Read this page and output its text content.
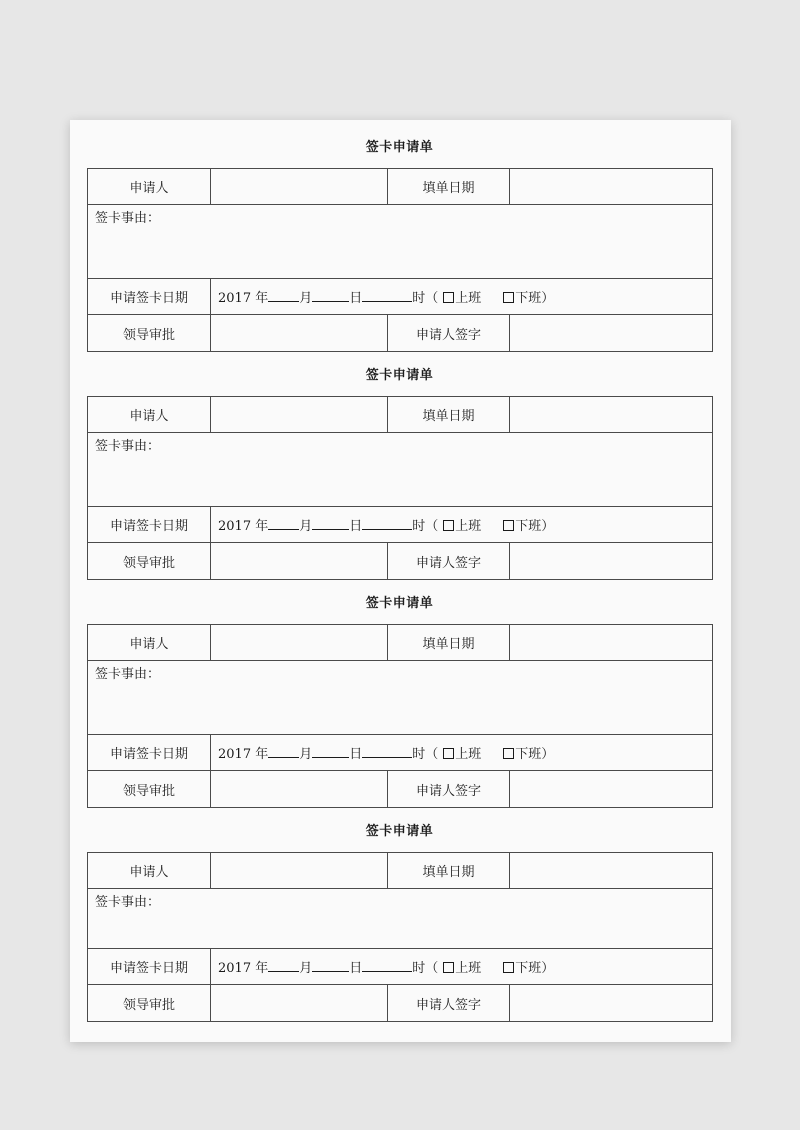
签卡申请单
申请人		填单日期	
签卡事由：			
申请签卡日期	2017 年 月 日 时（ 上班 下班）		
领导审批		申请人签字	
签卡申请单
申请人		填单日期	
签卡事由：			
申请签卡日期	2017 年 月 日 时（ 上班 下班）		
领导审批		申请人签字	
签卡申请单
申请人		填单日期	
签卡事由：			
申请签卡日期	2017 年 月 日 时（ 上班 下班）		
领导审批		申请人签字	
签卡申请单
申请人		填单日期	
签卡事由：			
申请签卡日期	2017 年 月 日 时（ 上班 下班）		
领导审批		申请人签字	
